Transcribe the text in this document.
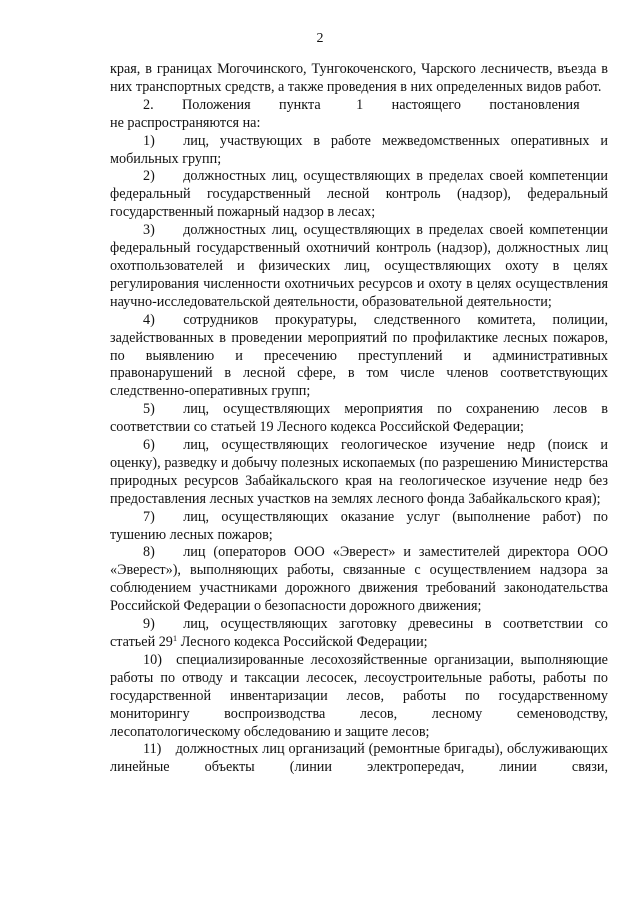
2

края, в границах Могочинского, Тунгокоченского, Чарского лесничеств, въезда в них транспортных средств, а также проведения в них определенных видов работ.

2.  Положения  пункта   1  настоящего  постановления   не распространяются на:

1)  лиц, участвующих в работе межведомственных оперативных и мобильных групп;

2)  должностных лиц, осуществляющих в пределах своей компетенции федеральный государственный лесной контроль (надзор), федеральный государственный пожарный надзор в лесах;

3)  должностных лиц, осуществляющих в пределах своей компетенции федеральный государственный охотничий контроль (надзор), должностных лиц охотпользователей и физических лиц, осуществляющих охоту в целях регулирования численности охотничьих ресурсов и охоту в целях осуществления научно-исследовательской деятельности, образовательной деятельности;

4)  сотрудников прокуратуры, следственного комитета, полиции, задействованных в проведении мероприятий по профилактике лесных пожаров, по выявлению и пресечению преступлений и административных правонарушений в лесной сфере, в том числе членов соответствующих следственно-оперативных групп;

5)  лиц, осуществляющих мероприятия по сохранению лесов в соответствии со статьей 19 Лесного кодекса Российской Федерации;

6)  лиц, осуществляющих геологическое изучение недр (поиск и оценку), разведку и добычу полезных ископаемых (по разрешению Министерства природных ресурсов Забайкальского края на геологическое изучение недр без предоставления лесных участков на землях лесного фонда Забайкальского края);

7)  лиц, осуществляющих оказание услуг (выполнение работ) по тушению лесных пожаров;

8)  лиц (операторов ООО «Эверест» и заместителей директора ООО «Эверест»), выполняющих работы, связанные с осуществлением надзора за соблюдением участниками дорожного движения требований законодательства Российской Федерации о безопасности дорожного движения;

9)  лиц, осуществляющих заготовку древесины в соответствии со статьей $29^1$ Лесного кодекса Российской Федерации;

10) специализированные лесохозяйственные организации, выполняющие работы по отводу и таксации лесосек, лесоустроительные работы, работы по государственной инвентаризации лесов, работы по государственному мониторингу воспроизводства лесов, лесному семеноводству, лесопатологическому обследованию и защите лесов;

11) должностных лиц организаций (ремонтные бригады), обслуживающих линейные объекты (линии электропередач, линии связи,
